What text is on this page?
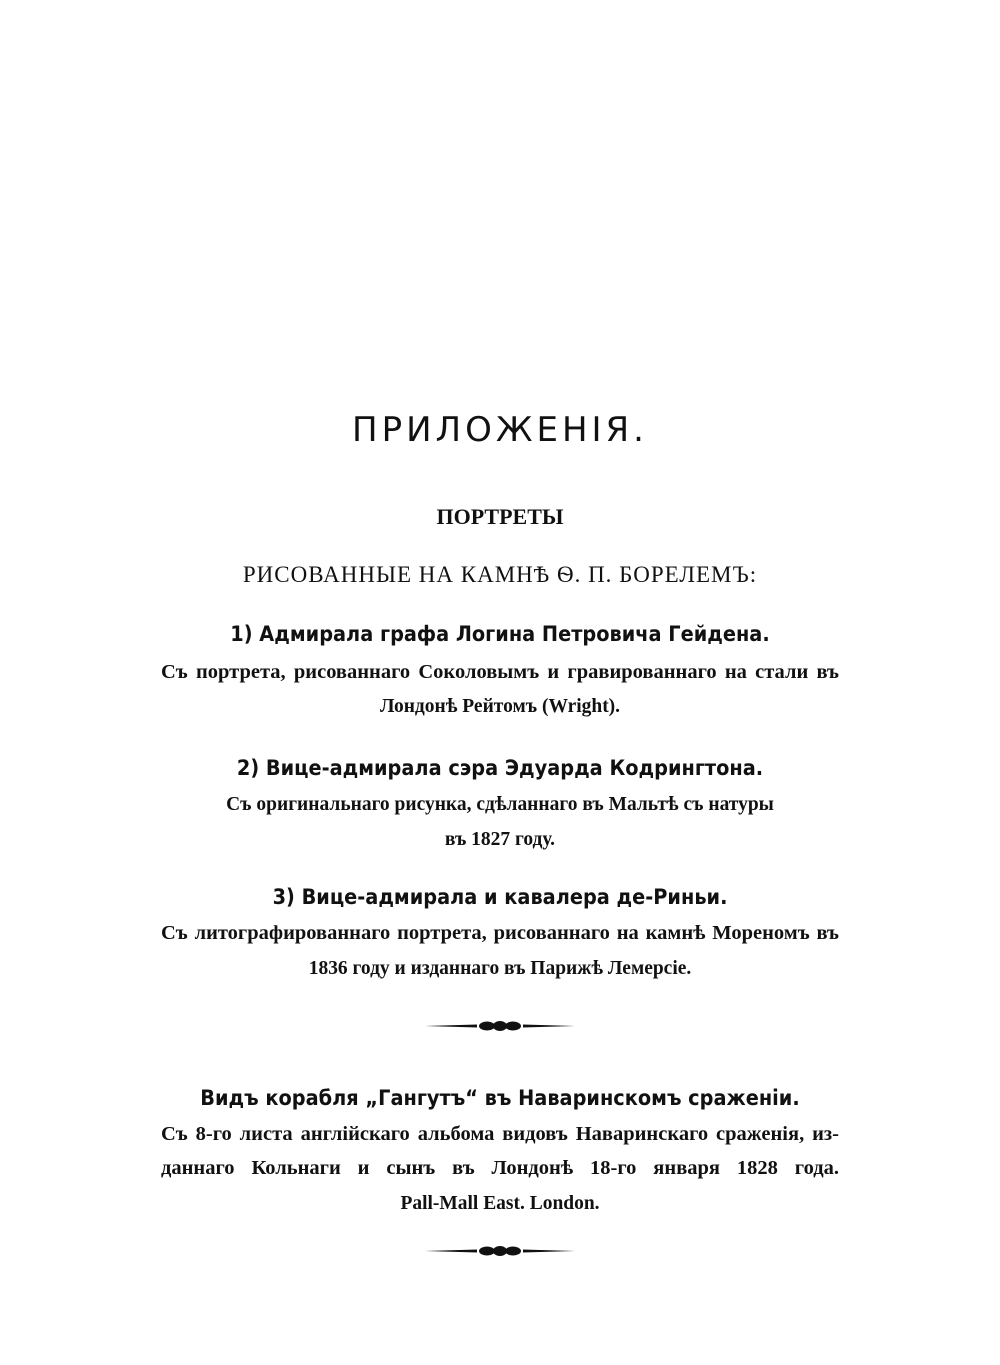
ПРИЛОЖЕНІЯ.
ПОРТРЕТЫ
РИСОВАННЫЕ НА КАМНѢ Ѳ. П. БОРЕЛЕМЪ:
1) Адмирала графа Логина Петровича Гейдена.
Съ портрета, рисованнаго Соколовымъ и гравированнаго на стали въ
Лондонѣ Рейтомъ (Wright).
2) Вице-адмирала сэра Эдуарда Кодрингтона.
Съ оригинальнаго рисунка, сдѣланнаго въ Мальтѣ съ натуры
въ 1827 году.
3) Вице-адмирала и кавалера де-Риньи.
Съ литографированнаго портрета, рисованнаго на камнѣ Мореномъ въ
1836 году и изданнаго въ Парижѣ Лемерсіе.
Видъ корабля „Гангутъ“ въ Наваринскомъ сраженіи.
Съ 8-го листа англійскаго альбома видовъ Наваринскаго сраженія, из-
даннаго Кольнаги и сынъ въ Лондонѣ 18-го января 1828 года.
Pall-Mall East. London.
